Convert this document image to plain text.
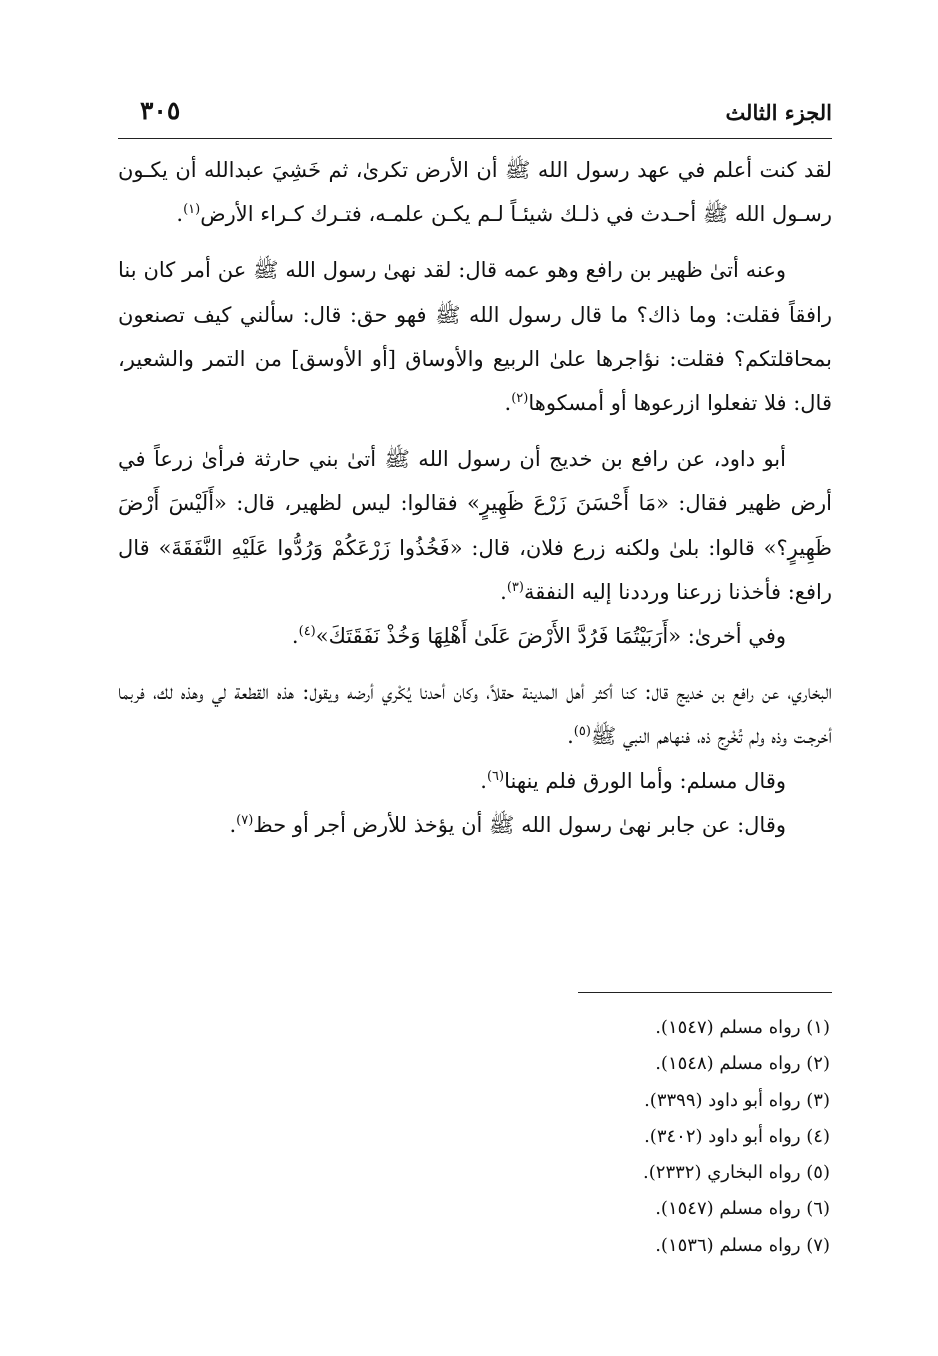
الجزء الثالث
٣٠٥

لقد كنت أعلم في عهد رسول الله ﷺ أن الأرض تكرىٰ، ثم خَشِيَ عبدالله أن يكـون رسـول الله ﷺ أحـدث في ذلـك شيئـاً لـم يكـن علمـه، فتـرك كـراء الأرض$^{(١)}$.

وعنه أتىٰ ظهير بن رافع وهو عمه قال: لقد نهىٰ رسول الله ﷺ عن أمر كان بنا رافقاً فقلت: وما ذاك؟ ما قال رسول الله ﷺ فهو حق: قال: سألني كيف تصنعون بمحاقلتكم؟ فقلت: نؤاجرها علىٰ الربيع والأوساق [أو الأوسق] من التمر والشعير، قال: فلا تفعلوا ازرعوها أو أمسكوها$^{(٢)}$.

أبو داود، عن رافع بن خديج أن رسول الله ﷺ أتىٰ بني حارثة فرأىٰ زرعاً في أرض ظهير فقال: «مَا أَحْسَنَ زَرْعَ ظَهِيرٍ» فقالوا: ليس لظهير، قال: «أَلَيْسَ أَرْضَ ظَهِيرٍ؟» قالوا: بلىٰ ولكنه زرع فلان، قال: «فَخُذُوا زَرْعَكُمْ وَرُدُّوا عَلَيْهِ النَّفَقَةَ» قال رافع: فأخذنا زرعنا ورددنا إليه النفقة$^{(٣)}$.

وفي أخرىٰ: «أَرَبَيْتُمَا فَرُدَّ الأَرْضَ عَلَىٰ أَهْلِهَا وَخُذْ نَفَقَتَكَ»$^{(٤)}$.

البخاري، عن رافع بن خديج قال: كنا أكثر أهل المدينة حقلاً، وكان أحدنا يُكْري أرضه ويقول: هذه القطعة لي وهذه لك، فربما أخرجـت وذه ولم تُخْرِج ذه، فنهاهم النبي ﷺ$^{(٥)}$.

وقال مسلم: وأما الورق فلم ينهنا$^{(٦)}$.

وقال: عن جابر نهىٰ رسول الله ﷺ أن يؤخذ للأرض أجر أو حظ$^{(٧)}$.

(١) رواه مسلم (١٥٤٧).

(٢) رواه مسلم (١٥٤٨).

(٣) رواه أبو داود (٣٣٩٩).

(٤) رواه أبو داود (٣٤٠٢).

(٥) رواه البخاري (٢٣٣٢).

(٦) رواه مسلم (١٥٤٧).

(٧) رواه مسلم (١٥٣٦).
